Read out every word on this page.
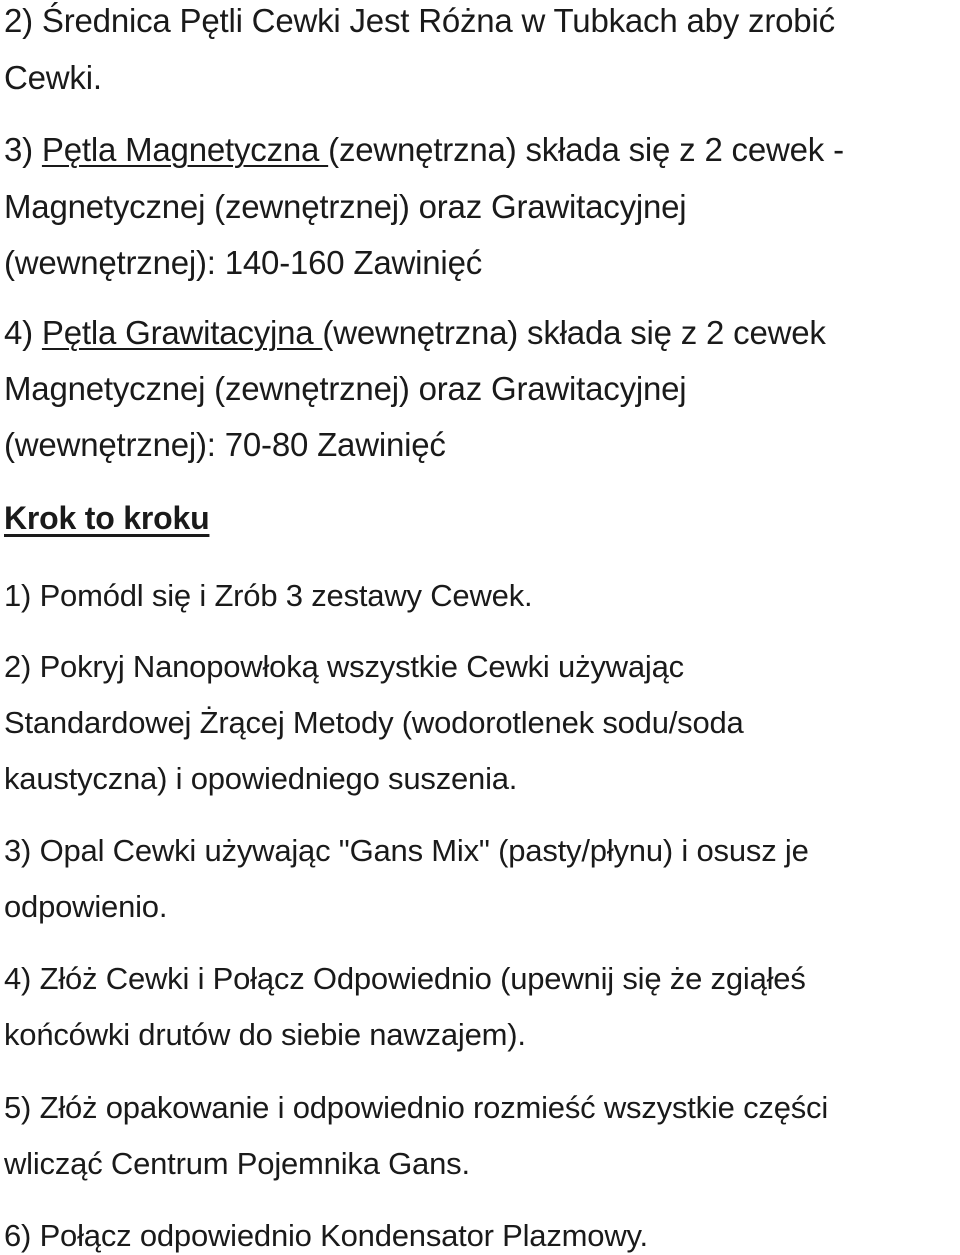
2) Średnica Pętli Cewki Jest Różna w Tubkach aby zrobić
Cewki.
3) Pętla Magnetyczna (zewnętrzna) składa się z 2 cewek -
Magnetycznej (zewnętrznej) oraz Grawitacyjnej
(wewnętrznej): 140-160 Zawinięć
4) Pętla Grawitacyjna (wewnętrzna) składa się z 2 cewek
Magnetycznej (zewnętrznej) oraz Grawitacyjnej
(wewnętrznej): 70-80 Zawinięć
Krok to kroku
1) Pomódl się i Zrób 3 zestawy Cewek.
2) Pokryj Nanopowłoką wszystkie Cewki używając
Standardowej Żrącej Metody (wodorotlenek sodu/soda
kaustyczna) i opowiedniego suszenia.
3) Opal Cewki używając "Gans Mix" (pasty/płynu) i osusz je
odpowienio.
4) Złóż Cewki i Połącz Odpowiednio (upewnij się że zgiąłeś
końcówki drutów do siebie nawzajem).
5) Złóż opakowanie i odpowiednio rozmieść wszystkie części
wlicząć Centrum Pojemnika Gans.
6) Połącz odpowiednio Kondensator Plazmowy.
